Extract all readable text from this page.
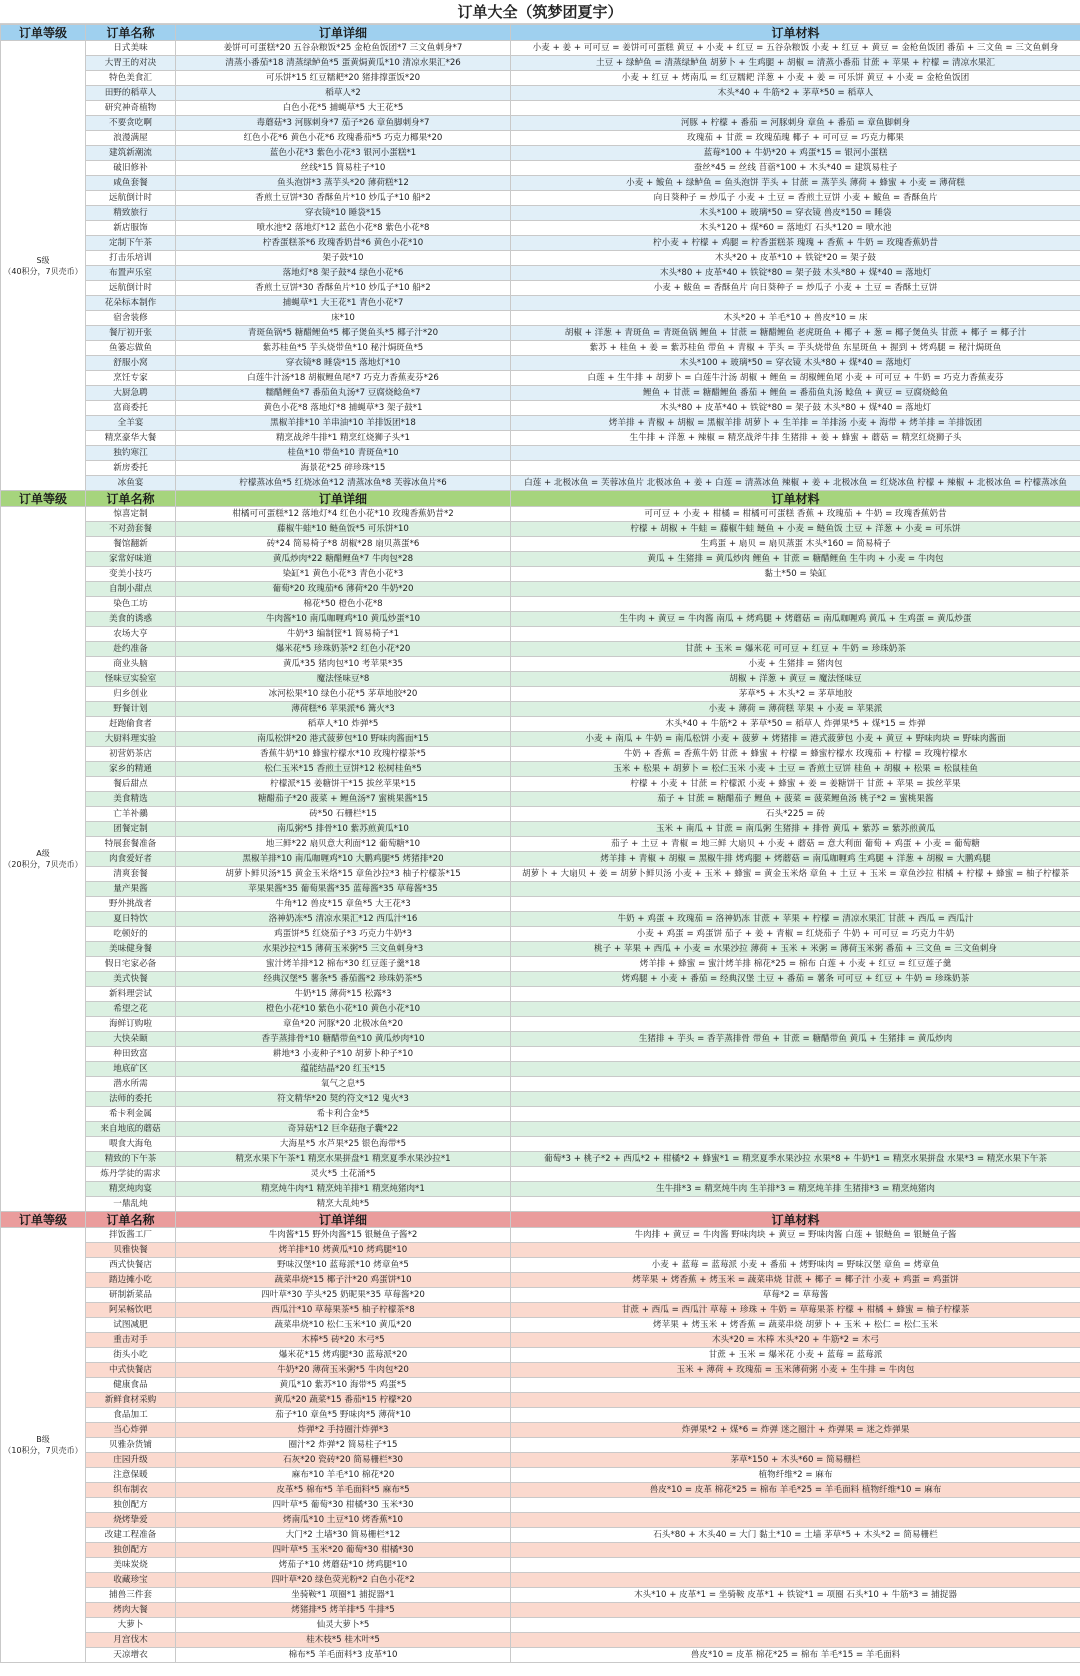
订单大全（筑梦团夏宇）
订单等级	订单名称	订单详细	订单材料
S级
（40积分，7贝壳币）	日式美味	姜饼可可蛋糕*20 五谷杂粮饭*25 金枪鱼饭团*7 三文鱼刺身*7	小麦 + 姜 + 可可豆 = 姜饼可可蛋糕 黄豆 + 小麦 + 红豆 = 五谷杂粮饭 小麦 + 红豆 + 黄豆 = 金枪鱼饭团 番茄 + 三文鱼 = 三文鱼刺身
	大胃王的对决	清蒸小番茄*18 清蒸绿鲈鱼*5 蛋黄焗黄瓜*10 清凉水果汇*26	土豆 + 绿鲈鱼 = 清蒸绿鲈鱼 胡萝卜 + 生鸡腿 + 胡椒 = 清蒸小番茄 甘蔗 + 苹果 + 柠檬 = 清凉水果汇
	特色美食汇	可乐饼*15 红豆糯耙*20 猪排撑蛋饭*20	小麦 + 红豆 + 烤南瓜 = 红豆糯耙 洋葱 + 小麦 + 姜 = 可乐饼 黄豆 + 小麦 = 金枪鱼饭团
	田野的稻草人	稻草人*2	木头*40 + 牛筋*2 + 茅草*50 = 稻草人
	研究神奇植物	白色小花*5 捕蝇草*5 大王花*5	
	不要贪吃啊	毒蘑菇*3 河豚刺身*7 茄子*26 章鱼脚刺身*7	河豚 + 柠檬 + 番茄 = 河豚刺身 章鱼 + 番茄 = 章鱼脚刺身
	浪漫满屋	红色小花*6 黄色小花*6 玫瑰番茄*5 巧克力椰果*20	玫瑰茄 + 甘蔗 = 玫瑰茄瑰 椰子 + 可可豆 = 巧克力椰果
	建筑新潮流	蓝色小花*3 紫色小花*3 银河小蛋糕*1	蓝莓*100 + 牛奶*20 + 鸡蛋*15 = 银河小蛋糕
	破旧修补	丝线*15 简易柱子*10	蚕丝*45 = 丝线 苜蓿*100 + 木头*40 = 建筑易柱子
	咸鱼套餐	鱼头泡饼*3 蒸芋头*20 薄荷糕*12	小麦 + 鲅鱼 + 绿鲈鱼 = 鱼头泡饼 芋头 + 甘蔗 = 蒸芋头 薄荷 + 蜂蜜 + 小麦 = 薄荷糕
	远航倒计时	香煎土豆饼*30 香酥鱼片*10 炒瓜子*10 船*2	向日葵种子 = 炒瓜子 小麦 + 土豆 = 香煎土豆饼 小麦 + 鲅鱼 = 香酥鱼片
	精致旅行	穿衣镜*10 睡袋*15	木头*100 + 玻璃*50 = 穿衣镜 兽皮*150 = 睡袋
	新店服饰	喷水池*2 落地灯*12 蓝色小花*8 紫色小花*8	木头*120 + 煤*60 = 落地灯 石头*120 = 喷水池
	定制下午茶	柠香蛋糕茶*6 玫瑰香奶昔*6 黄色小花*10	柠小麦 + 柠檬 + 鸡腿 = 柠香蛋糕茶 瑰瑰 + 香蕉 + 牛奶 = 玫瑰香蕉奶昔
	打击乐培训	架子鼓*10	木头*20 + 皮革*10 + 铁锭*20 = 架子鼓
	布置声乐室	落地灯*8 架子鼓*4 绿色小花*6	木头*80 + 皮革*40 + 铁锭*80 = 架子鼓 木头*80 + 煤*40 = 落地灯
	远航倒计时	香煎土豆饼*30 香酥鱼片*10 炒瓜子*10 船*2	小麦 + 鲅鱼 = 香酥鱼片 向日葵种子 = 炒瓜子 小麦 + 土豆 = 香酥土豆饼
	花朵标本制作	捕蝇草*1 大王花*1 青色小花*7	
	宿舍装修	床*10	木头*20 + 羊毛*10 + 兽皮*10 = 床
	餐厅初开张	青斑鱼锅*5 糖醋鲤鱼*5 椰子煲鱼头*5 椰子汁*20	胡椒 + 洋葱 + 青斑鱼 = 青斑鱼锅 鲤鱼 + 甘蔗 = 糖醋鲤鱼 老虎斑鱼 + 椰子 + 葱 = 椰子煲鱼头 甘蔗 + 椰子 = 椰子汁
	鱼篓忘做鱼	紫苏桂鱼*5 芋头烧带鱼*10 秘汁焗斑鱼*5	紫苏 + 桂鱼 + 姜 = 紫苏桂鱼 带鱼 + 青椒 + 芋头 = 芋头烧带鱼 东星斑鱼 + 握到 + 烤鸡腿 = 秘汁焗斑鱼
	舒服小窝	穿衣镜*8 睡袋*15 落地灯*10	木头*100 + 玻璃*50 = 穿衣镜 木头*80 + 煤*40 = 落地灯
	烹饪专家	白莲牛汁汤*18 胡椒鲤鱼尾*7 巧克力香蕉麦芬*26	白莲 + 生牛排 + 胡萝卜 = 白莲牛汁汤 胡椒 + 鲤鱼 = 胡椒鲤鱼尾 小麦 + 可可豆 + 牛奶 = 巧克力香蕉麦芬
	大厨急聘	糯醋鲤鱼*7 番茄鱼丸汤*7 豆腐烧鲶鱼*7	鲤鱼 + 甘蔗 = 糖醋鲤鱼 番茄 + 鲤鱼 = 番茄鱼丸汤 鲶鱼 + 黄豆 = 豆腐烧鲶鱼
	富商委托	黄色小花*8 落地灯*8 捕蝇草*3 架子鼓*1	木头*80 + 皮革*40 + 铁锭*80 = 架子鼓 木头*80 + 煤*40 = 落地灯
	全羊宴	黑椒羊排*10 羊串油*10 羊排饭团*18	烤羊排 + 青椒 + 胡椒 = 黑椒羊排 胡萝卜 + 生羊排 = 羊排汤 小麦 + 海带 + 烤羊排 = 羊排饭团
	精烹豪华大餐	精烹战斧牛排*1 精烹红烧狮子头*1	生牛排 + 洋葱 + 辣椒 = 精烹战斧牛排 生猪排 + 姜 + 蜂蜜 + 蘑菇 = 精烹红烧狮子头
	独钓寒江	桂鱼*10 带鱼*10 青斑鱼*10	
	新房委托	海景花*25 碎珍珠*15	
	冰鱼宴	柠檬蒸冰鱼*5 红烧冰鱼*12 清蒸冰鱼*8 芙蓉冰鱼片*6	白莲 + 北极冰鱼 = 芙蓉冰鱼片 北极冰鱼 + 姜 + 白莲 = 清蒸冰鱼 辣椒 + 姜 + 北极冰鱼 = 红烧冰鱼 柠檬 + 辣椒 + 北极冰鱼 = 柠檬蒸冰鱼
订单等级	订单名称	订单详细	订单材料
A级
（20积分，7贝壳币）	惊喜定制	柑橘可可蛋糕*12 落地灯*4 红色小花*10 玫瑰香蕉奶昔*2	可可豆 + 小麦 + 柑橘 = 柑橘可可蛋糕 香蕉 + 玫瑰茄 + 牛奶 = 玫瑰香蕉奶昔
	不对劲套餐	藤椒牛蛙*10 鲢鱼饭*5 可乐饼*10	柠檬 + 胡椒 + 牛蛙 = 藤椒牛蛙 鲢鱼 + 小麦 = 鲢鱼饭 土豆 + 洋葱 + 小麦 = 可乐饼
	餐馆翻新	砖*24 简易椅子*8 胡椒*28 扇贝蒸蛋*6	生鸡蛋 + 扇贝 = 扇贝蒸蛋 木头*160 = 简易椅子
	家常好味道	黄瓜炒肉*22 糖醋鲤鱼*7 牛肉包*28	黄瓜 + 生猪排 = 黄瓜炒肉 鲤鱼 + 甘蔗 = 糖醋鲤鱼 生牛肉 + 小麦 = 牛肉包
	变美小技巧	染缸*1 黄色小花*3 青色小花*3	黏土*50 = 染缸
	自制小甜点	葡萄*20 玫瑰茄*6 薄荷*20 牛奶*20	
	染色工坊	棉花*50 橙色小花*8	
	美食的诱惑	牛肉酱*10 南瓜咖喱鸡*10 黄瓜炒蛋*10	生牛肉 + 黄豆 = 牛肉酱 南瓜 + 烤鸡腿 + 烤蘑菇 = 南瓜咖喱鸡 黄瓜 + 生鸡蛋 = 黄瓜炒蛋
	农场大亨	牛奶*3 编制筐*1 简易椅子*1	
	赴约准备	爆米花*5 珍珠奶茶*2 红色小花*20	甘蔗 + 玉米 = 爆米花 可可豆 + 红豆 + 牛奶 = 珍珠奶茶
	商业头脑	黄瓜*35 猪肉包*10 考苹果*35	小麦 + 生猪排 = 猪肉包
	怪味豆实验室	魔法怪味豆*8	胡椒 + 洋葱 + 黄豆 = 魔法怪味豆
	归乡创业	冰河松果*10 绿色小花*5 茅草地胶*20	茅草*5 + 木头*2 = 茅草地胶
	野餐计划	薄荷糕*6 苹果派*6 篝火*3	小麦 + 薄荷 = 薄荷糕 苹果 + 小麦 = 苹果派
	赶跑偷食者	稻草人*10 炸弹*5	木头*40 + 牛筋*2 + 茅草*50 = 稻草人 炸弹果*5 + 煤*15 = 炸弹
	大厨料理实验	南瓜松饼*20 港式菠萝包*10 野味肉酱面*15	小麦 + 南瓜 + 牛奶 = 南瓜松饼 小麦 + 菠萝 + 烤猪排 = 港式菠萝包 小麦 + 黄豆 + 野味肉块 = 野味肉酱面
	初营奶茶店	香蕉牛奶*10 蜂蜜柠檬水*10 玫瑰柠檬茶*5	牛奶 + 香蕉 = 香蕉牛奶 甘蔗 + 蜂蜜 + 柠檬 = 蜂蜜柠檬水 玫瑰茄 + 柠檬 = 玫瑰柠檬水
	家乡的精通	松仁玉米*15 香煎土豆饼*12 松树桂鱼*5	玉米 + 松果 + 胡萝卜 = 松仁玉米 小麦 + 土豆 = 香煎土豆饼 桂鱼 + 胡椒 + 松果 = 松鼠桂鱼
	餐后甜点	柠檬派*15 姜糖饼干*15 拔丝苹果*15	柠檬 + 小麦 + 甘蔗 = 柠檬派 小麦 + 蜂蜜 + 姜 = 姜糖饼干 甘蔗 + 苹果 = 拔丝苹果
	美食精选	糖醋茄子*20 菠菜 + 鲤鱼汤*7 蜜桃果酱*15	茄子 + 甘蔗 = 糖醋茄子 鲤鱼 + 菠菜 = 菠菜鲤鱼汤 桃子*2 = 蜜桃果酱
	亡羊补鶸	砖*50 石栅栏*15	石头*225 = 砖
	团餐定制	南瓜粥*5 排骨*10 紫苏煎黄瓜*10	玉米 + 南瓜 + 甘蔗 = 南瓜粥 生猪排 + 排骨 黄瓜 + 紫苏 = 紫苏煎黄瓜
	特展套餐准备	地三鲜*22 扇贝意大利面*12 葡萄糖*10	茄子 + 土豆 + 青椒 = 地三鲜 大扇贝 + 小麦 + 蘑菇 = 意大利面 葡萄 + 鸡蛋 + 小麦 = 葡萄糖
	肉食爱好者	黑椒羊排*10 南瓜咖喱鸡*10 大鹏鸡腿*5 烤猪排*20	烤羊排 + 青椒 + 胡椒 = 黑椒牛排 烤鸡腿 + 烤蘑菇 = 南瓜咖喱鸡 生鸡腿 + 洋葱 + 胡椒 = 大鹏鸡腿
	清爽套餐	胡萝卜鲜贝汤*15 黄金玉米烙*15 章鱼沙拉*3 柚子柠檬茶*15	胡萝卜 + 大扇贝 + 姜 = 胡萝卜鲜贝汤 小麦 + 玉米 + 蜂蜜 = 黄金玉米烙 章鱼 + 土豆 + 玉米 = 章鱼沙拉 柑橘 + 柠檬 + 蜂蜜 = 柚子柠檬茶
	量产果酱	苹果果酱*35 葡萄果酱*35 蓝莓酱*35 草莓酱*35	
	野外挑战者	牛角*12 兽皮*15 章鱼*5 大王花*3	
	夏日特饮	洛神奶冻*5 清凉水果汇*12 西瓜汁*16	牛奶 + 鸡蛋 + 玫瑰茄 = 洛神奶冻 甘蔗 + 苹果 + 柠檬 = 清凉水果汇 甘蔗 + 西瓜 = 西瓜汁
	吃顿好的	鸡蛋饼*5 红烧茄子*3 巧克力牛奶*3	小麦 + 鸡蛋 = 鸡蛋饼 茄子 + 姜 + 青椒 = 红烧茄子 牛奶 + 可可豆 = 巧克力牛奶
	美味健身餐	水果沙拉*15 薄荷玉米粥*5 三文鱼刺身*3	桃子 + 苹果 + 西瓜 + 小麦 = 水果沙拉 薄荷 + 玉米 + 米粥 = 薄荷玉米粥 番茄 + 三文鱼 = 三文鱼刺身
	假日宅家必备	蜜汁烤羊排*12 棉布*30 红豆莲子羹*18	烤羊排 + 蜂蜜 = 蜜汁烤羊排 棉花*25 = 棉布 白莲 + 小麦 + 红豆 = 红豆莲子羹
	美式快餐	经典汉堡*5 薯条*5 番茄酱*2 珍珠奶茶*5	烤鸡腿 + 小麦 + 番茄 = 经典汉堡 土豆 + 番茄 = 薯条 可可豆 + 红豆 + 牛奶 = 珍珠奶茶
	新料理尝试	牛奶*15 薄荷*15 松露*3	
	希望之花	橙色小花*10 紫色小花*10 黄色小花*10	
	海鲜订购啦	章鱼*20 河豚*20 北极冰鱼*20	
	大快朵颐	香芋蒸排骨*10 糖醋带鱼*10 黄瓜炒肉*10	生猪排 + 芋头 = 香芋蒸排骨 带鱼 + 甘蔗 = 糖醋带鱼 黄瓜 + 生猪排 = 黄瓜炒肉
	种田致富	耕地*3 小麦种子*10 胡萝卜种子*10	
	地底矿区	蕴能结晶*20 红玉*15	
	潜水所需	氧气之息*5	
	法师的委托	符文精华*20 契约符文*12 鬼火*3	
	希卡利金属	希卡利合金*5	
	来自地底的蘑菇	奇异菇*12 巨伞菇孢子囊*22	
	喂食大海龟	大海星*5 水芦果*25 银色海带*5	
	精致的下午茶	精烹水果下午茶*1 精烹水果拼盘*1 精烹夏季水果沙拉*1	葡萄*3 + 桃子*2 + 西瓜*2 + 柑橘*2 + 蜂蜜*1 = 精烹夏季水果沙拉 水果*8 + 牛奶*1 = 精烹水果拼盘 水果*3 = 精烹水果下午茶
	炼丹学徒的需求	灵火*5 土花涌*5	
	精烹炖肉宴	精烹炖牛肉*1 精烹炖羊排*1 精烹炖猪肉*1	生牛排*3 = 精烹炖牛肉 生羊排*3 = 精烹炖羊排 生猪排*3 = 精烹炖猪肉
	一鼎乱炖	精烹大乱炖*5	
订单等级	订单名称	订单详细	订单材料
B级
（10积分，7贝壳币）	拌饭酱工厂	牛肉酱*15 野外肉酱*15 银鲢鱼子酱*2	牛肉排 + 黄豆 = 牛肉酱 野味肉块 + 黄豆 = 野味肉酱 白莲 + 银鲢鱼 = 银鲢鱼子酱
	贝雅快餐	烤羊排*10 烤黄瓜*10 烤鸡腿*10	
	西式快餐店	野味汉堡*10 蓝莓派*10 烤章鱼*5	小麦 + 蓝莓 = 蓝莓派 小麦 + 番茄 + 烤野味肉 = 野味汉堡 章鱼 = 烤章鱼
	踏边摊小吃	蔬菜串烧*15 椰子汁*20 鸡蛋饼*10	烤苹果 + 烤香蕉 + 烤玉米 = 蔬菜串烧 甘蔗 + 椰子 = 椰子汁 小麦 + 鸡蛋 = 鸡蛋饼
	研制新菜品	四叶草*30 芋头*25 奶昵果*35 草莓酱*20	草莓*2 = 草莓酱
	阿呆畅饮吧	西瓜汁*10 草莓果茶*5 柚子柠檬茶*8	甘蔗 + 西瓜 = 西瓜汁 草莓 + 珍珠 + 牛奶 = 草莓果茶 柠檬 + 柑橘 + 蜂蜜 = 柚子柠檬茶
	试图减肥	蔬菜串烧*10 松仁玉米*10 黄瓜*20	烤苹果 + 烤玉米 + 烤香蕉 = 蔬菜串烧 胡萝卜 + 玉米 + 松仁 = 松仁玉米
	重击对手	木棒*5 砖*20 木弓*5	木头*20 = 木棒 木头*20 + 牛筋*2 = 木弓
	街头小吃	爆米花*15 烤鸡腿*30 蓝莓派*20	甘蔗 + 玉米 = 爆米花 小麦 + 蓝莓 = 蓝莓派
	中式快餐店	牛奶*20 薄荷玉米粥*5 牛肉包*20	玉米 + 薄荷 + 玫瑰茄 = 玉米薄荷粥 小麦 + 生牛排 = 牛肉包
	健康食品	黄瓜*10 紫苏*10 海带*5 鸡蛋*5	
	新鲜食材采购	黄瓜*20 蔬菜*15 番茄*15 柠檬*20	
	食品加工	茄子*10 章鱼*5 野味肉*5 薄荷*10	
	当心炸弹	炸弹*2 手持圈汁炸弹*3	炸弹果*2 + 煤*6 = 炸弹 迷之圈汁 + 炸弹果 = 迷之炸弹果
	贝雅杂货铺	圈汁*2 炸弹*2 简易柱子*15	
	庄园升级	石灰*20 瓷砖*20 简易栅栏*30	茅草*150 + 木头*60 = 简易栅栏
	注意保暖	麻布*10 羊毛*10 棉花*20	植物纤维*2 = 麻布
	织布制衣	皮革*5 棉布*5 羊毛面料*5 麻布*5	兽皮*10 = 皮革 棉花*25 = 棉布 羊毛*25 = 羊毛面料 植物纤维*10 = 麻布
	独创配方	四叶草*5 葡萄*30 柑橘*30 玉米*30	
	烧烤挚爱	烤南瓜*10 土豆*10 烤香蕉*10	
	改建工程准备	大门*2 土墙*30 简易栅栏*12	石头*80 + 木头40 = 大门 黏土*10 = 土墙 茅草*5 + 木头*2 = 简易栅栏
	独创配方	四叶草*5 玉米*20 葡萄*30 柑橘*30	
	美味炭烧	烤茄子*10 烤蘑菇*10 烤鸡腿*10	
	收藏珍宝	四叶草*20 绿色荧光粉*2 白色小花*2	
	捕兽三件套	坐骑鞍*1 项圈*1 捕捉器*1	木头*10 + 皮革*1 = 坐骑鞍 皮革*1 + 铁锭*1 = 项圈 石头*10 + 牛筋*3 = 捕捉器
	烤肉大餐	烤猪排*5 烤羊排*5 牛排*5	
	大萝卜	仙灵大萝卜*5	
	月宫伐木	桂木枝*5 桂木叶*5	
	天凉增衣	棉布*5 羊毛面料*3 皮革*10	兽皮*10 = 皮革 棉花*25 = 棉布 羊毛*15 = 羊毛面料
